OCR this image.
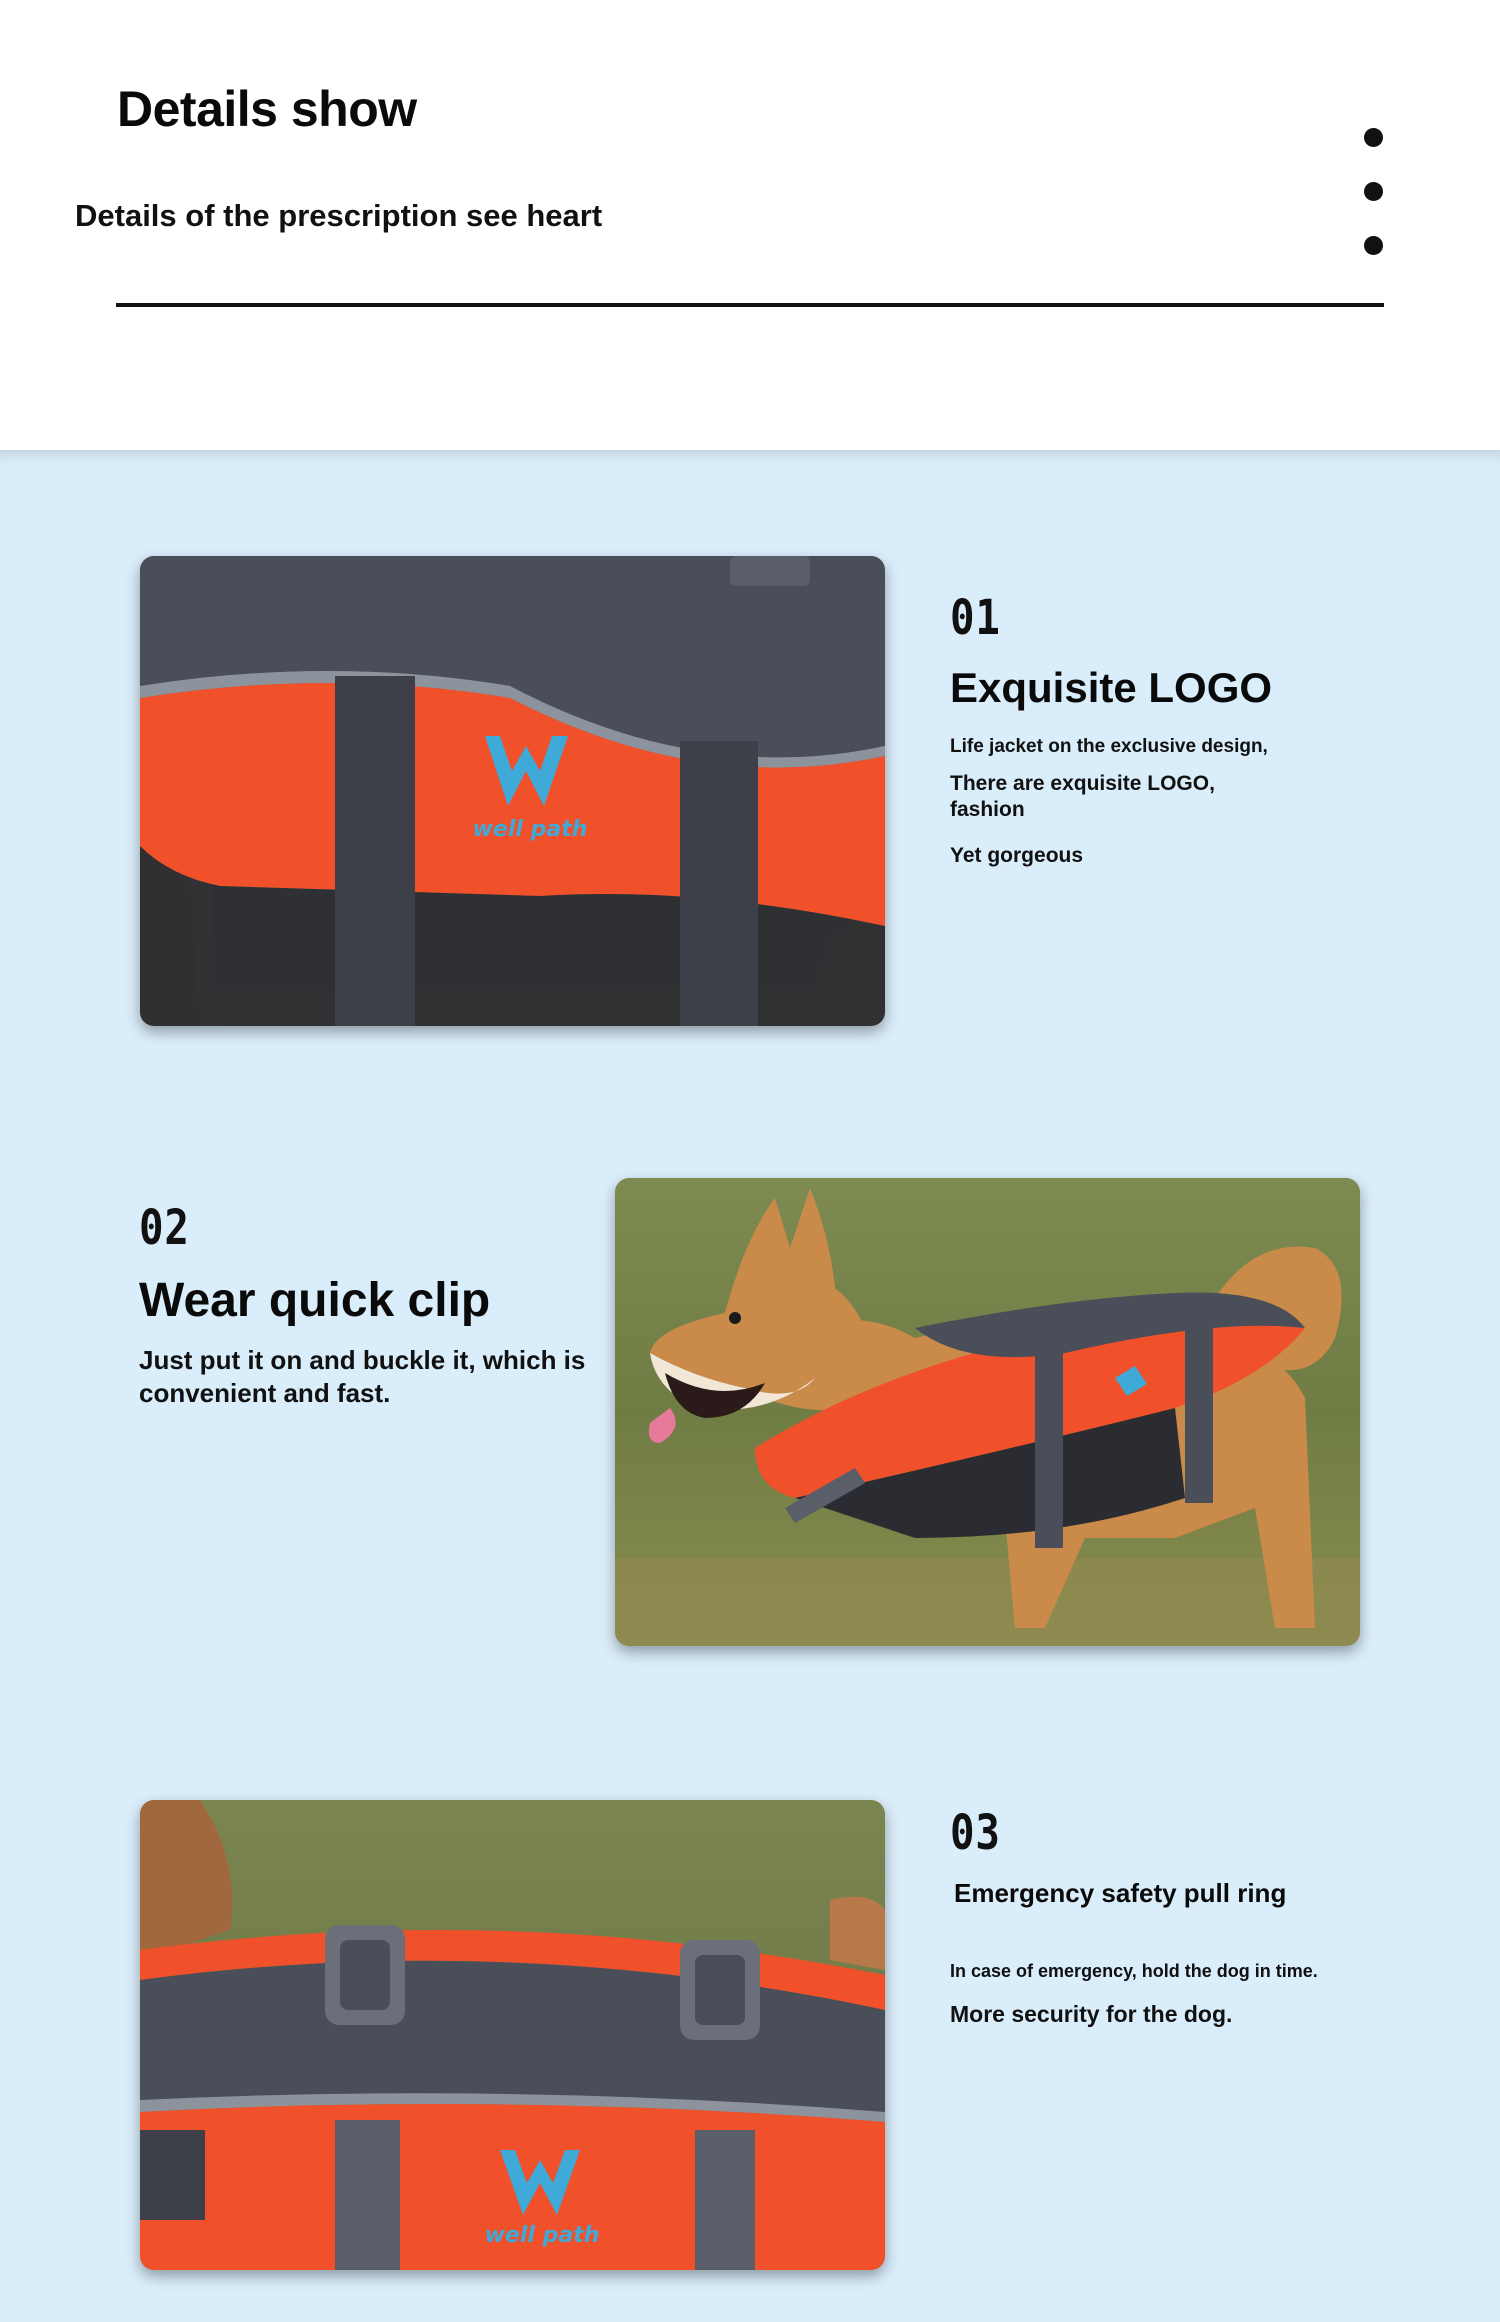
Details show
Details of the prescription see heart
well path
01
Exquisite LOGO
Life jacket on the exclusive design,
There are exquisite LOGO, fashion
Yet gorgeous
02
Wear quick clip
Just put it on and buckle it, which is convenient and fast.
well path
03
Emergency safety pull ring
In case of emergency, hold the dog in time.
More security for the dog.
